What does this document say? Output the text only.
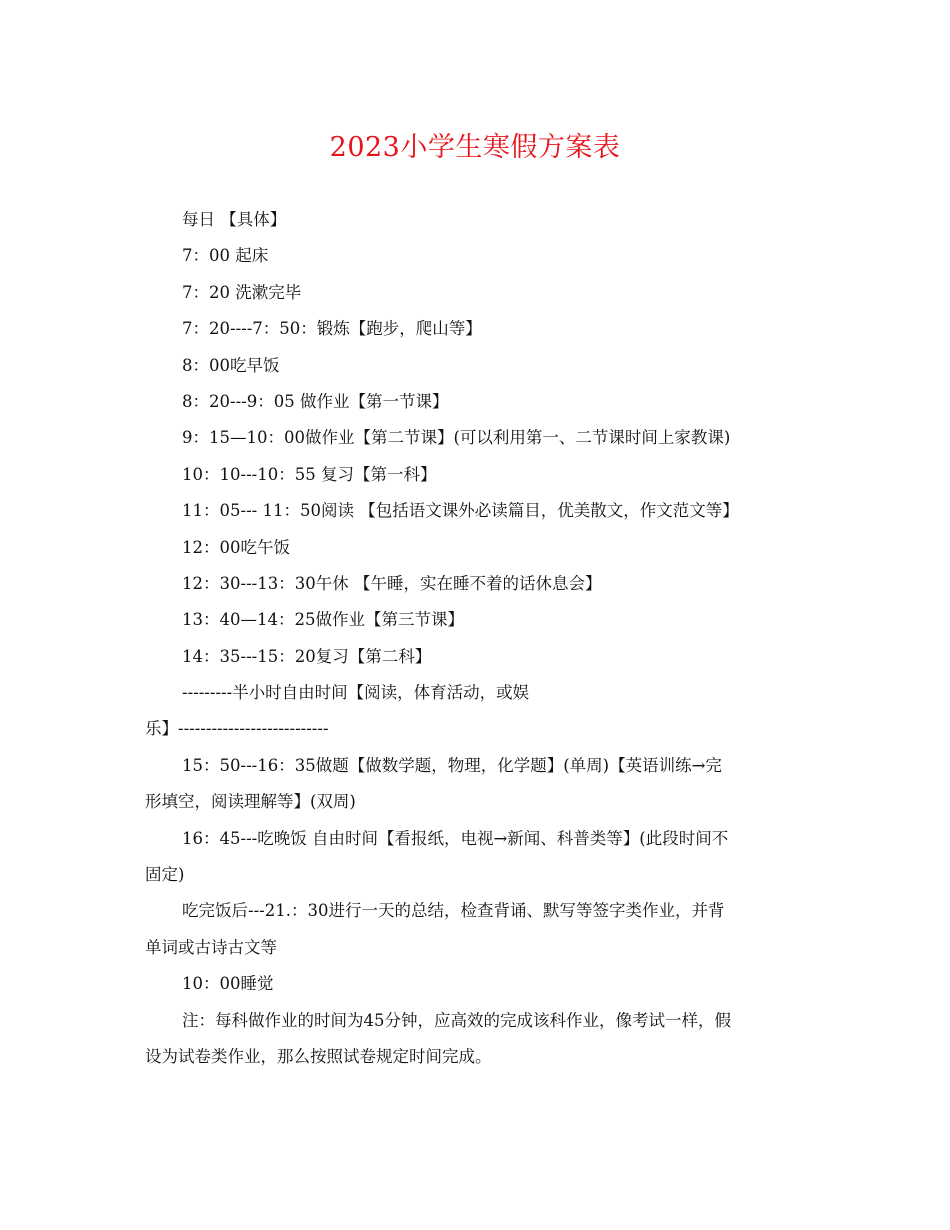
2023小学生寒假方案表

每日 【具体】

7：00 起床

7：20 洗漱完毕

7：20----7：50：锻炼【跑步，爬山等】

8：00吃早饭

8：20---9：05 做作业【第一节课】

9：15—10：00做作业【第二节课】(可以利用第一、二节课时间上家教课)

10：10---10：55 复习【第一科】

11：05--- 11：50阅读 【包括语文课外必读篇目，优美散文，作文范文等】

12：00吃午饭

12：30---13：30午休 【午睡，实在睡不着的话休息会】

13：40—14：25做作业【第三节课】

14：35---15：20复习【第二科】

---------半小时自由时间【阅读，体育活动，或娱

乐】---------------------------

15：50---16：35做题【做数学题，物理，化学题】(单周)【英语训练→完

形填空，阅读理解等】(双周)

16：45---吃晚饭 自由时间【看报纸，电视→新闻、科普类等】(此段时间不

固定)

吃完饭后---21.：30进行一天的总结，检查背诵、默写等签字类作业，并背

单词或古诗古文等

10：00睡觉

注：每科做作业的时间为45分钟，应高效的完成该科作业，像考试一样，假

设为试卷类作业，那么按照试卷规定时间完成。
